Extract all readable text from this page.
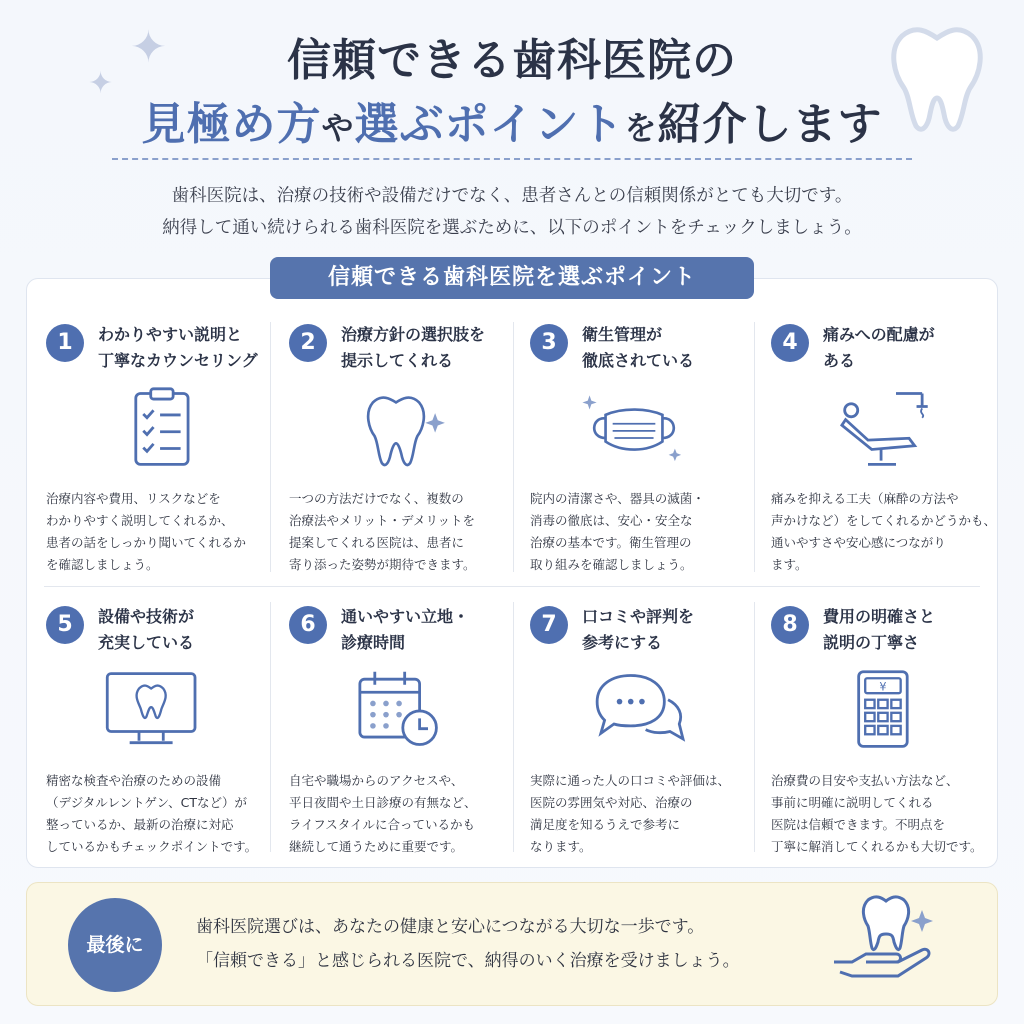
✦
✦	信頼できる歯科医院の
見極め方や選ぶポイントを紹介します
歯科医院は、治療の技術や設備だけでなく、患者さんとの信頼関係がとても大切です。
納得して通い続けられる歯科医院を選ぶために、以下のポイントをチェックしましょう。
信頼できる歯科医院を選ぶポイント
1	わかりやすい説明と
丁寧なカウンセリング
治療内容や費用、リスクなどを
わかりやすく説明してくれるか、
患者の話をしっかり聞いてくれるか
を確認しましょう。
2	治療方針の選択肢を
提示してくれる
一つの方法だけでなく、複数の
治療法やメリット・デメリットを
提案してくれる医院は、患者に
寄り添った姿勢が期待できます。
3	衛生管理が
徹底されている
院内の清潔さや、器具の滅菌・
消毒の徹底は、安心・安全な
治療の基本です。衛生管理の
取り組みを確認しましょう。
4	痛みへの配慮が
ある
痛みを抑える工夫（麻酔の方法や
声かけなど）をしてくれるかどうかも、
通いやすさや安心感につながり
ます。
5	設備や技術が
充実している
精密な検査や治療のための設備
（デジタルレントゲン、CTなど）が
整っているか、最新の治療に対応
しているかもチェックポイントです。
6	通いやすい立地・
診療時間
自宅や職場からのアクセスや、
平日夜間や土日診療の有無など、
ライフスタイルに合っているかも
継続して通うために重要です。
7	口コミや評判を
参考にする
実際に通った人の口コミや評価は、
医院の雰囲気や対応、治療の
満足度を知るうえで参考に
なります。
8	費用の明確さと
説明の丁寧さ
¥
治療費の目安や支払い方法など、
事前に明確に説明してくれる
医院は信頼できます。不明点を
丁寧に解消してくれるかも大切です。
最後に
歯科医院選びは、あなたの健康と安心につながる大切な一歩です。
「信頼できる」と感じられる医院で、納得のいく治療を受けましょう。
